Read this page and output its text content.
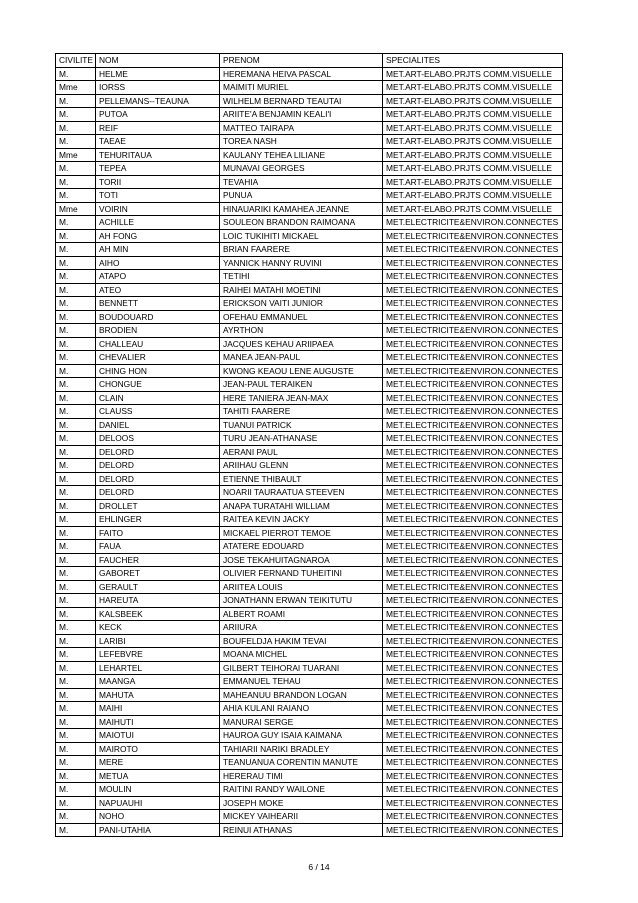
CIVILITE	NOM	PRENOM	SPECIALITES
M.	HELME	HEREMANA HEIVA PASCAL	MET.ART-ELABO.PRJTS COMM.VISUELLE
Mme	IORSS	MAIMITI MURIEL	MET.ART-ELABO.PRJTS COMM.VISUELLE
M.	PELLEMANS--TEAUNA	WILHELM BERNARD TEAUTAI	MET.ART-ELABO.PRJTS COMM.VISUELLE
M.	PUTOA	ARIITE'A BENJAMIN KEALI'I	MET.ART-ELABO.PRJTS COMM.VISUELLE
M.	REIF	MATTEO TAIRAPA	MET.ART-ELABO.PRJTS COMM.VISUELLE
M.	TAEAE	TOREA NASH	MET.ART-ELABO.PRJTS COMM.VISUELLE
Mme	TEHURITAUA	KAULANY TEHEA LILIANE	MET.ART-ELABO.PRJTS COMM.VISUELLE
M.	TEPEA	MUNAVAI GEORGES	MET.ART-ELABO.PRJTS COMM.VISUELLE
M.	TORII	TEVAHIA	MET.ART-ELABO.PRJTS COMM.VISUELLE
M.	TOTI	PUNUA	MET.ART-ELABO.PRJTS COMM.VISUELLE
Mme	VOIRIN	HINAUARIKI KAMAHEA JEANNE	MET.ART-ELABO.PRJTS COMM.VISUELLE
M.	ACHILLE	SOULEON BRANDON RAIMOANA	MET.ELECTRICITE&ENVIRON.CONNECTES
M.	AH FONG	LOIC TUKIHITI MICKAEL	MET.ELECTRICITE&ENVIRON.CONNECTES
M.	AH MIN	BRIAN FAARERE	MET.ELECTRICITE&ENVIRON.CONNECTES
M.	AIHO	YANNICK HANNY RUVINI	MET.ELECTRICITE&ENVIRON.CONNECTES
M.	ATAPO	TETIHI	MET.ELECTRICITE&ENVIRON.CONNECTES
M.	ATEO	RAIHEI MATAHI MOETINI	MET.ELECTRICITE&ENVIRON.CONNECTES
M.	BENNETT	ERICKSON VAITI JUNIOR	MET.ELECTRICITE&ENVIRON.CONNECTES
M.	BOUDOUARD	OFEHAU EMMANUEL	MET.ELECTRICITE&ENVIRON.CONNECTES
M.	BRODIEN	AYRTHON	MET.ELECTRICITE&ENVIRON.CONNECTES
M.	CHALLEAU	JACQUES KEHAU ARIIPAEA	MET.ELECTRICITE&ENVIRON.CONNECTES
M.	CHEVALIER	MANEA JEAN-PAUL	MET.ELECTRICITE&ENVIRON.CONNECTES
M.	CHING HON	KWONG KEAOU LENE AUGUSTE	MET.ELECTRICITE&ENVIRON.CONNECTES
M.	CHONGUE	JEAN-PAUL TERAIKEN	MET.ELECTRICITE&ENVIRON.CONNECTES
M.	CLAIN	HERE TANIERA JEAN-MAX	MET.ELECTRICITE&ENVIRON.CONNECTES
M.	CLAUSS	TAHITI FAARERE	MET.ELECTRICITE&ENVIRON.CONNECTES
M.	DANIEL	TUANUI PATRICK	MET.ELECTRICITE&ENVIRON.CONNECTES
M.	DELOOS	TURU JEAN-ATHANASE	MET.ELECTRICITE&ENVIRON.CONNECTES
M.	DELORD	AERANI PAUL	MET.ELECTRICITE&ENVIRON.CONNECTES
M.	DELORD	ARIIHAU GLENN	MET.ELECTRICITE&ENVIRON.CONNECTES
M.	DELORD	ETIENNE THIBAULT	MET.ELECTRICITE&ENVIRON.CONNECTES
M.	DELORD	NOARII TAURAATUA STEEVEN	MET.ELECTRICITE&ENVIRON.CONNECTES
M.	DROLLET	ANAPA TURATAHI WILLIAM	MET.ELECTRICITE&ENVIRON.CONNECTES
M.	EHLINGER	RAITEA KEVIN JACKY	MET.ELECTRICITE&ENVIRON.CONNECTES
M.	FAITO	MICKAEL PIERROT TEMOE	MET.ELECTRICITE&ENVIRON.CONNECTES
M.	FAUA	ATATERE EDOUARD	MET.ELECTRICITE&ENVIRON.CONNECTES
M.	FAUCHER	JOSE TEKAHUITAGNAROA	MET.ELECTRICITE&ENVIRON.CONNECTES
M.	GABORET	OLIVIER FERNAND TUHEITINI	MET.ELECTRICITE&ENVIRON.CONNECTES
M.	GERAULT	ARIITEA LOUIS	MET.ELECTRICITE&ENVIRON.CONNECTES
M.	HAREUTA	JONATHANN ERWAN TEIKITUTU	MET.ELECTRICITE&ENVIRON.CONNECTES
M.	KALSBEEK	ALBERT ROAMI	MET.ELECTRICITE&ENVIRON.CONNECTES
M.	KECK	ARIIURA	MET.ELECTRICITE&ENVIRON.CONNECTES
M.	LARIBI	BOUFELDJA HAKIM TEVAI	MET.ELECTRICITE&ENVIRON.CONNECTES
M.	LEFEBVRE	MOANA MICHEL	MET.ELECTRICITE&ENVIRON.CONNECTES
M.	LEHARTEL	GILBERT TEIHORAI TUARANI	MET.ELECTRICITE&ENVIRON.CONNECTES
M.	MAANGA	EMMANUEL TEHAU	MET.ELECTRICITE&ENVIRON.CONNECTES
M.	MAHUTA	MAHEANUU BRANDON LOGAN	MET.ELECTRICITE&ENVIRON.CONNECTES
M.	MAIHI	AHIA KULANI RAIANO	MET.ELECTRICITE&ENVIRON.CONNECTES
M.	MAIHUTI	MANURAI SERGE	MET.ELECTRICITE&ENVIRON.CONNECTES
M.	MAIOTUI	HAUROA GUY ISAIA KAIMANA	MET.ELECTRICITE&ENVIRON.CONNECTES
M.	MAIROTO	TAHIARII NARIKI BRADLEY	MET.ELECTRICITE&ENVIRON.CONNECTES
M.	MERE	TEANUANUA CORENTIN MANUTE	MET.ELECTRICITE&ENVIRON.CONNECTES
M.	METUA	HERERAU TIMI	MET.ELECTRICITE&ENVIRON.CONNECTES
M.	MOULIN	RAITINI RANDY WAILONE	MET.ELECTRICITE&ENVIRON.CONNECTES
M.	NAPUAUHI	JOSEPH MOKE	MET.ELECTRICITE&ENVIRON.CONNECTES
M.	NOHO	MICKEY VAIHEARII	MET.ELECTRICITE&ENVIRON.CONNECTES
M.	PANI-UTAHIA	REINUI ATHANAS	MET.ELECTRICITE&ENVIRON.CONNECTES
6 / 14
